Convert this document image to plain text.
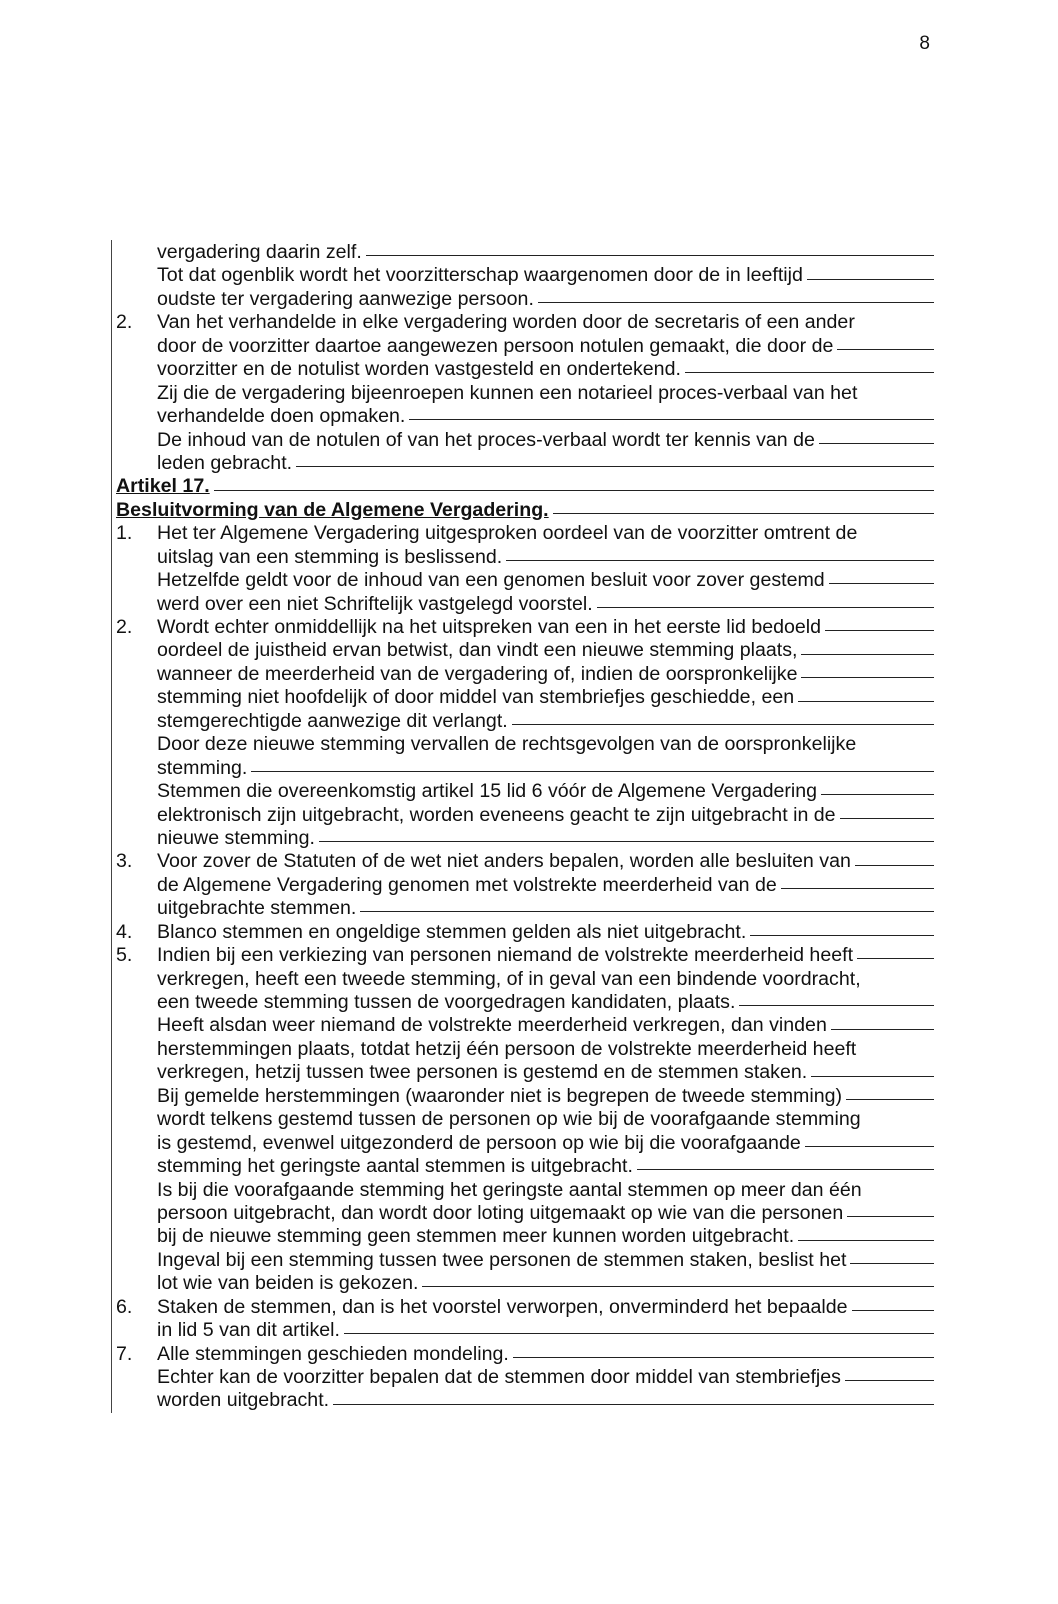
8
vergadering daarin zelf.
Tot dat ogenblik wordt het voorzitterschap waargenomen door de in leeftijd
oudste ter vergadering aanwezige persoon.
2.	Van het verhandelde in elke vergadering worden door de secretaris of een ander
door de voorzitter daartoe aangewezen persoon notulen gemaakt, die door de
voorzitter en de notulist worden vastgesteld en ondertekend.
Zij die de vergadering bijeenroepen kunnen een notarieel proces-verbaal van het
verhandelde doen opmaken.
De inhoud van de notulen of van het proces-verbaal wordt ter kennis van de
leden gebracht.
Artikel 17.
Besluitvorming van de Algemene Vergadering.
1.	Het ter Algemene Vergadering uitgesproken oordeel van de voorzitter omtrent de
uitslag van een stemming is beslissend.
Hetzelfde geldt voor de inhoud van een genomen besluit voor zover gestemd
werd over een niet Schriftelijk vastgelegd voorstel.
2.	Wordt echter onmiddellijk na het uitspreken van een in het eerste lid bedoeld
oordeel de juistheid ervan betwist, dan vindt een nieuwe stemming plaats,
wanneer de meerderheid van de vergadering of, indien de oorspronkelijke
stemming niet hoofdelijk of door middel van stembriefjes geschiedde, een
stemgerechtigde aanwezige dit verlangt.
Door deze nieuwe stemming vervallen de rechtsgevolgen van de oorspronkelijke
stemming.
Stemmen die overeenkomstig artikel 15 lid 6 vóór de Algemene Vergadering
elektronisch zijn uitgebracht, worden eveneens geacht te zijn uitgebracht in de
nieuwe stemming.
3.	Voor zover de Statuten of de wet niet anders bepalen, worden alle besluiten van
de Algemene Vergadering genomen met volstrekte meerderheid van de
uitgebrachte stemmen.
4.	Blanco stemmen en ongeldige stemmen gelden als niet uitgebracht.
5.	Indien bij een verkiezing van personen niemand de volstrekte meerderheid heeft
verkregen, heeft een tweede stemming, of in geval van een bindende voordracht,
een tweede stemming tussen de voorgedragen kandidaten, plaats.
Heeft alsdan weer niemand de volstrekte meerderheid verkregen, dan vinden
herstemmingen plaats, totdat hetzij één persoon de volstrekte meerderheid heeft
verkregen, hetzij tussen twee personen is gestemd en de stemmen staken.
Bij gemelde herstemmingen (waaronder niet is begrepen de tweede stemming)
wordt telkens gestemd tussen de personen op wie bij de voorafgaande stemming
is gestemd, evenwel uitgezonderd de persoon op wie bij die voorafgaande
stemming het geringste aantal stemmen is uitgebracht.
Is bij die voorafgaande stemming het geringste aantal stemmen op meer dan één
persoon uitgebracht, dan wordt door loting uitgemaakt op wie van die personen
bij de nieuwe stemming geen stemmen meer kunnen worden uitgebracht.
Ingeval bij een stemming tussen twee personen de stemmen staken, beslist het
lot wie van beiden is gekozen.
6.	Staken de stemmen, dan is het voorstel verworpen, onverminderd het bepaalde
in lid 5 van dit artikel.
7.	Alle stemmingen geschieden mondeling.
Echter kan de voorzitter bepalen dat de stemmen door middel van stembriefjes
worden uitgebracht.
